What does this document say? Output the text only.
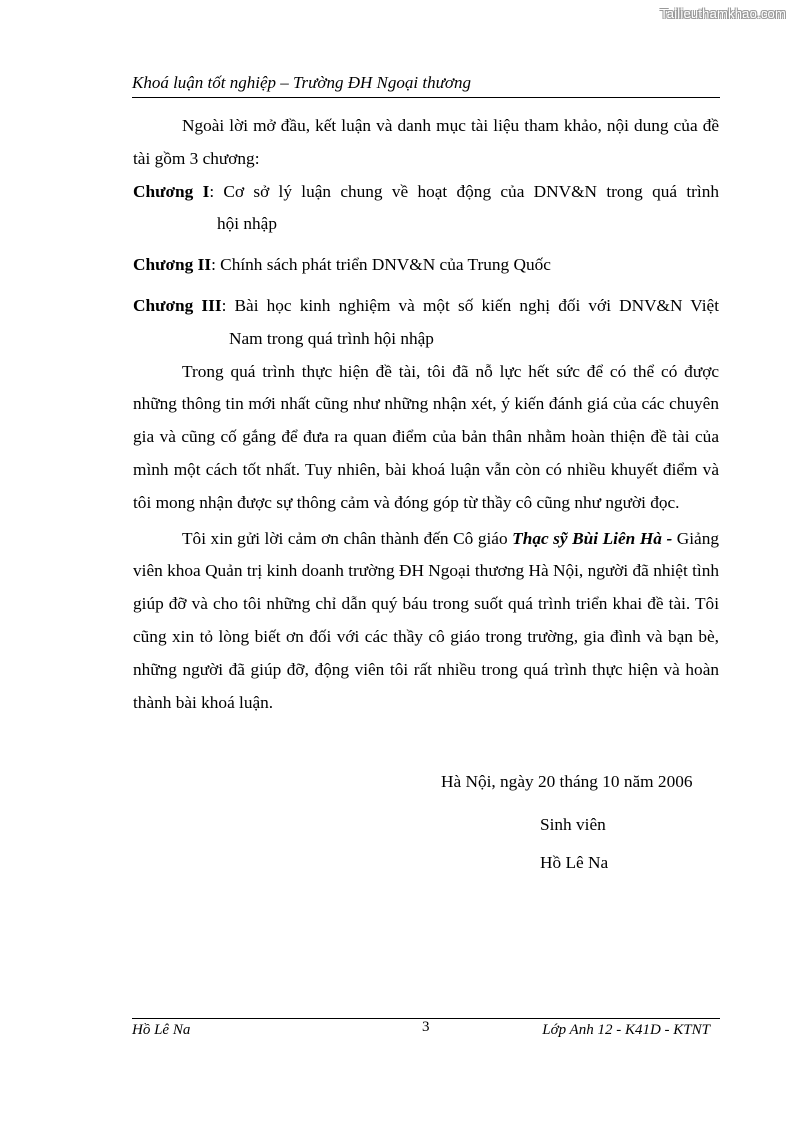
Tailieuthamkhao.com
Khoá luận tốt nghiệp – Trường ĐH Ngoại thương

Ngoài lời mở đầu, kết luận và danh mục tài liệu tham khảo, nội dung của đề tài gồm 3 chương:

Chương I: Cơ sở lý luận chung về hoạt động của DNV&N trong quá trình
hội nhập
Chương II: Chính sách phát triển DNV&N của Trung Quốc
Chương III: Bài học kinh nghiệm và một số kiến nghị đối với DNV&N Việt
Nam trong quá trình hội nhập

Trong quá trình thực hiện đề tài, tôi đã nỗ lực hết sức để có thể có được những thông tin mới nhất cũng như những nhận xét, ý kiến đánh giá của các chuyên gia và cũng cố gắng để đưa ra quan điểm của bản thân nhằm hoàn thiện đề tài của mình một cách tốt nhất. Tuy nhiên, bài khoá luận vẫn còn có nhiều khuyết điểm và tôi mong nhận được sự thông cảm và đóng góp từ thầy cô cũng như người đọc.

Tôi xin gửi lời cảm ơn chân thành đến Cô giáo Thạc sỹ Bùi Liên Hà - Giảng viên khoa Quản trị kinh doanh trường ĐH Ngoại thương Hà Nội, người đã nhiệt tình giúp đỡ và cho tôi những chỉ dẫn quý báu trong suốt quá trình triển khai đề tài. Tôi cũng xin tỏ lòng biết ơn đối với các thầy cô giáo trong trường, gia đình và bạn bè, những người đã giúp đỡ, động viên tôi rất nhiều trong quá trình thực hiện và hoàn thành bài khoá luận.

Hà Nội, ngày 20 tháng 10 năm 2006
Sinh viên
Hồ Lê Na
Hồ Lê Na	3	Lớp Anh 12 - K41D - KTNT
